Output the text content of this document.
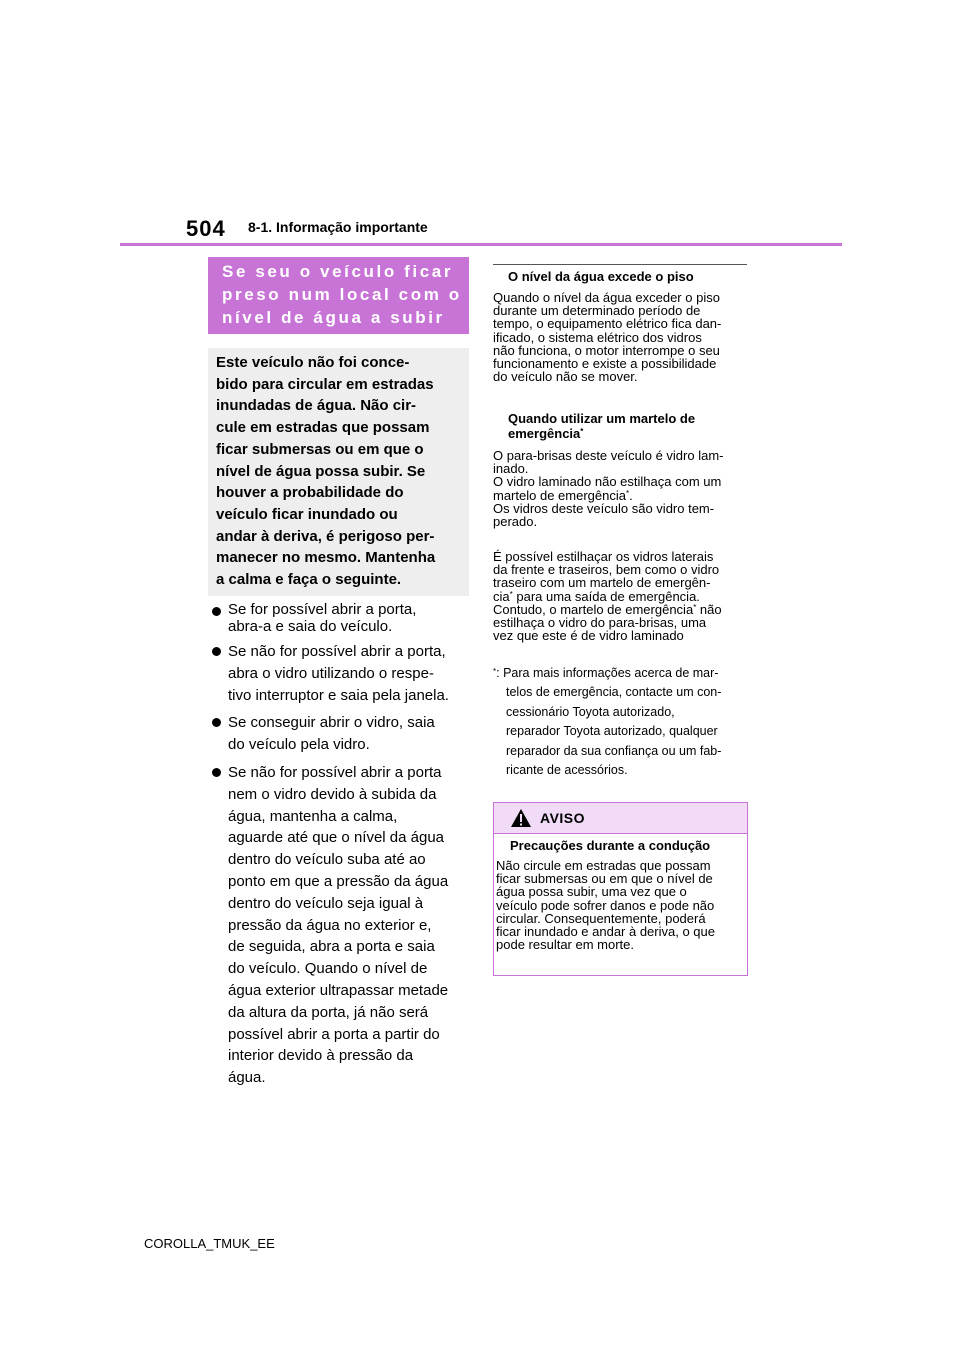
504 8-1. Informação importante
Se seu o veículo ficar
preso num local com o
nível de água a subir
Este veículo não foi conce-
bido para circular em estradas
inundadas de água. Não cir-
cule em estradas que possam
ficar submersas ou em que o
nível de água possa subir. Se
houver a probabilidade do
veículo ficar inundado ou
andar à deriva, é perigoso per-
manecer no mesmo. Mantenha
a calma e faça o seguinte.
Se for possível abrir a porta,
abra-a e saia do veículo.
Se não for possível abrir a porta,
abra o vidro utilizando o respe-
tivo interruptor e saia pela janela.
Se conseguir abrir o vidro, saia
do veículo pela vidro.
Se não for possível abrir a porta
nem o vidro devido à subida da
água, mantenha a calma,
aguarde até que o nível da água
dentro do veículo suba até ao
ponto em que a pressão da água
dentro do veículo seja igual à
pressão da água no exterior e,
de seguida, abra a porta e saia
do veículo. Quando o nível de
água exterior ultrapassar metade
da altura da porta, já não será
possível abrir a porta a partir do
interior devido à pressão da
água.
O nível da água excede o piso
Quando o nível da água exceder o piso
durante um determinado período de
tempo, o equipamento elétrico fica dan-
ificado, o sistema elétrico dos vidros
não funciona, o motor interrompe o seu
funcionamento e existe a possibilidade
do veículo não se mover.
Quando utilizar um martelo de
emergência*
O para-brisas deste veículo é vidro lam-
inado.
O vidro laminado não estilhaça com um
martelo de emergência*.
Os vidros deste veículo são vidro tem-
perado.
É possível estilhaçar os vidros laterais
da frente e traseiros, bem como o vidro
traseiro com um martelo de emergên-
cia* para uma saída de emergência.
Contudo, o martelo de emergência* não
estilhaça o vidro do para-brisas, uma
vez que este é de vidro laminado
*: Para mais informações acerca de mar-
telos de emergência, contacte um con-
cessionário Toyota autorizado,
reparador Toyota autorizado, qualquer
reparador da sua confiança ou um fab-
ricante de acessórios.
AVISO
Precauções durante a condução
Não circule em estradas que possam
ficar submersas ou em que o nível de
água possa subir, uma vez que o
veículo pode sofrer danos e pode não
circular. Consequentemente, poderá
ficar inundado e andar à deriva, o que
pode resultar em morte.
COROLLA_TMUK_EE
